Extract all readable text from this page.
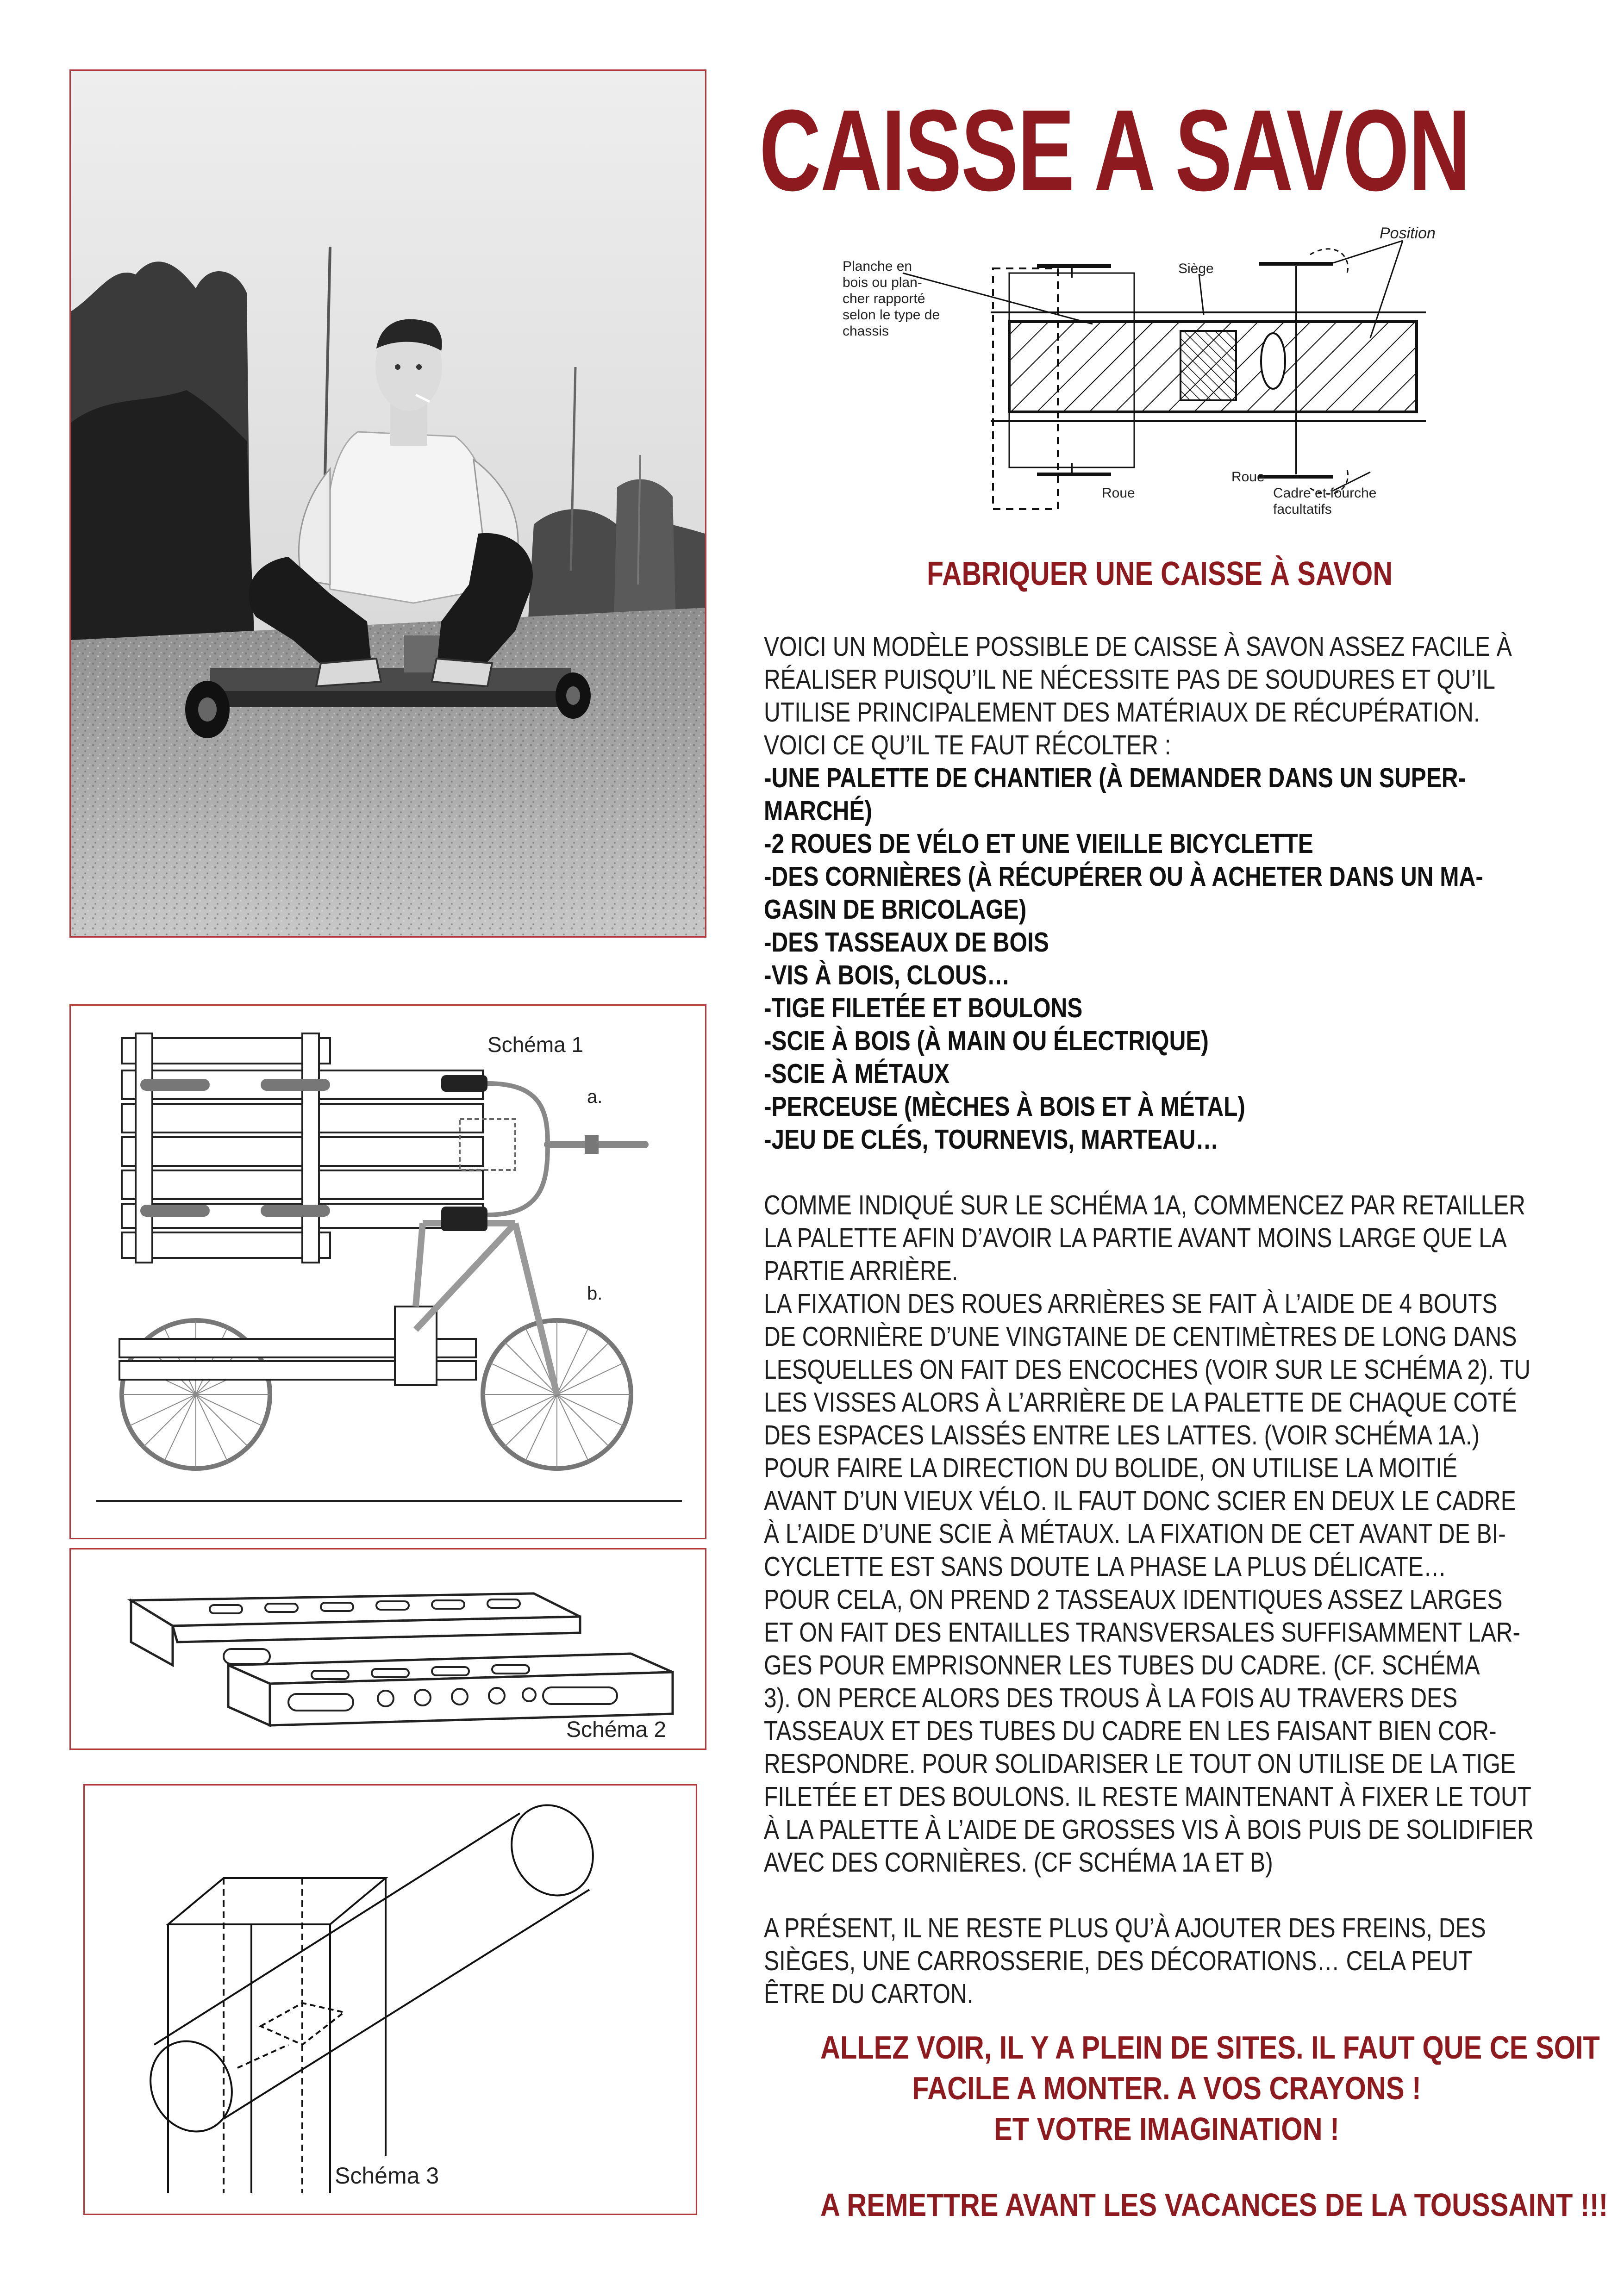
CAISSE A SAVON
Position
Planche en
bois ou plan-
cher rapporté
selon le type de
chassis
Siège
Roue
Roue
Cadre et fourche
facultatifs
Schéma 1
a.
b.
Schéma 2
Schéma 3
FABRIQUER UNE CAISSE À SAVON

VOICI UN MODÈLE POSSIBLE DE CAISSE À SAVON ASSEZ FACILE À

RÉALISER PUISQU’IL NE NÉCESSITE PAS DE SOUDURES ET QU’IL

UTILISE PRINCIPALEMENT DES MATÉRIAUX DE RÉCUPÉRATION.

VOICI CE QU’IL TE FAUT RÉCOLTER :

-UNE PALETTE DE CHANTIER (À DEMANDER DANS UN SUPER-
MARCHÉ)
-2 ROUES DE VÉLO ET UNE VIEILLE BICYCLETTE
-DES CORNIÈRES (À RÉCUPÉRER OU À ACHETER DANS UN MA-
GASIN DE BRICOLAGE)
-DES TASSEAUX DE BOIS
-VIS À BOIS, CLOUS…
-TIGE FILETÉE ET BOULONS
-SCIE À BOIS (À MAIN OU ÉLECTRIQUE)
-SCIE À MÉTAUX
-PERCEUSE (MÈCHES À BOIS ET À MÉTAL)
-JEU DE CLÉS, TOURNEVIS, MARTEAU…

COMME INDIQUÉ SUR LE SCHÉMA 1A, COMMENCEZ PAR RETAILLER

LA PALETTE AFIN D’AVOIR LA PARTIE AVANT MOINS LARGE QUE LA

PARTIE ARRIÈRE.

LA FIXATION DES ROUES ARRIÈRES SE FAIT À L’AIDE DE 4 BOUTS

DE CORNIÈRE D’UNE VINGTAINE DE CENTIMÈTRES DE LONG DANS

LESQUELLES ON FAIT DES ENCOCHES (VOIR SUR LE SCHÉMA 2). TU

LES VISSES ALORS À L’ARRIÈRE DE LA PALETTE DE CHAQUE COTÉ

DES ESPACES LAISSÉS ENTRE LES LATTES. (VOIR SCHÉMA 1A.)

POUR FAIRE LA DIRECTION DU BOLIDE, ON UTILISE LA MOITIÉ

AVANT D’UN VIEUX VÉLO. IL FAUT DONC SCIER EN DEUX LE CADRE

À L’AIDE D’UNE SCIE À MÉTAUX. LA FIXATION DE CET AVANT DE BI-

CYCLETTE EST SANS DOUTE LA PHASE LA PLUS DÉLICATE…

POUR CELA, ON PREND 2 TASSEAUX IDENTIQUES ASSEZ LARGES

ET ON FAIT DES ENTAILLES TRANSVERSALES SUFFISAMMENT LAR-

GES POUR EMPRISONNER LES TUBES DU CADRE. (CF. SCHÉMA

3). ON PERCE ALORS DES TROUS À LA FOIS AU TRAVERS DES

TASSEAUX ET DES TUBES DU CADRE EN LES FAISANT BIEN COR-

RESPONDRE. POUR SOLIDARISER LE TOUT ON UTILISE DE LA TIGE

FILETÉE ET DES BOULONS. IL RESTE MAINTENANT À FIXER LE TOUT

À LA PALETTE À L’AIDE DE GROSSES VIS À BOIS PUIS DE SOLIDIFIER

AVEC DES CORNIÈRES. (CF SCHÉMA 1A ET B)

A PRÉSENT, IL NE RESTE PLUS QU’À AJOUTER DES FREINS, DES

SIÈGES, UNE CARROSSERIE, DES DÉCORATIONS… CELA PEUT

ÊTRE DU CARTON.

ALLEZ VOIR, IL Y A PLEIN DE SITES. IL FAUT QUE CE SOIT
FACILE A MONTER. A VOS CRAYONS !
ET VOTRE IMAGINATION !
A REMETTRE AVANT LES VACANCES DE LA TOUSSAINT !!!
